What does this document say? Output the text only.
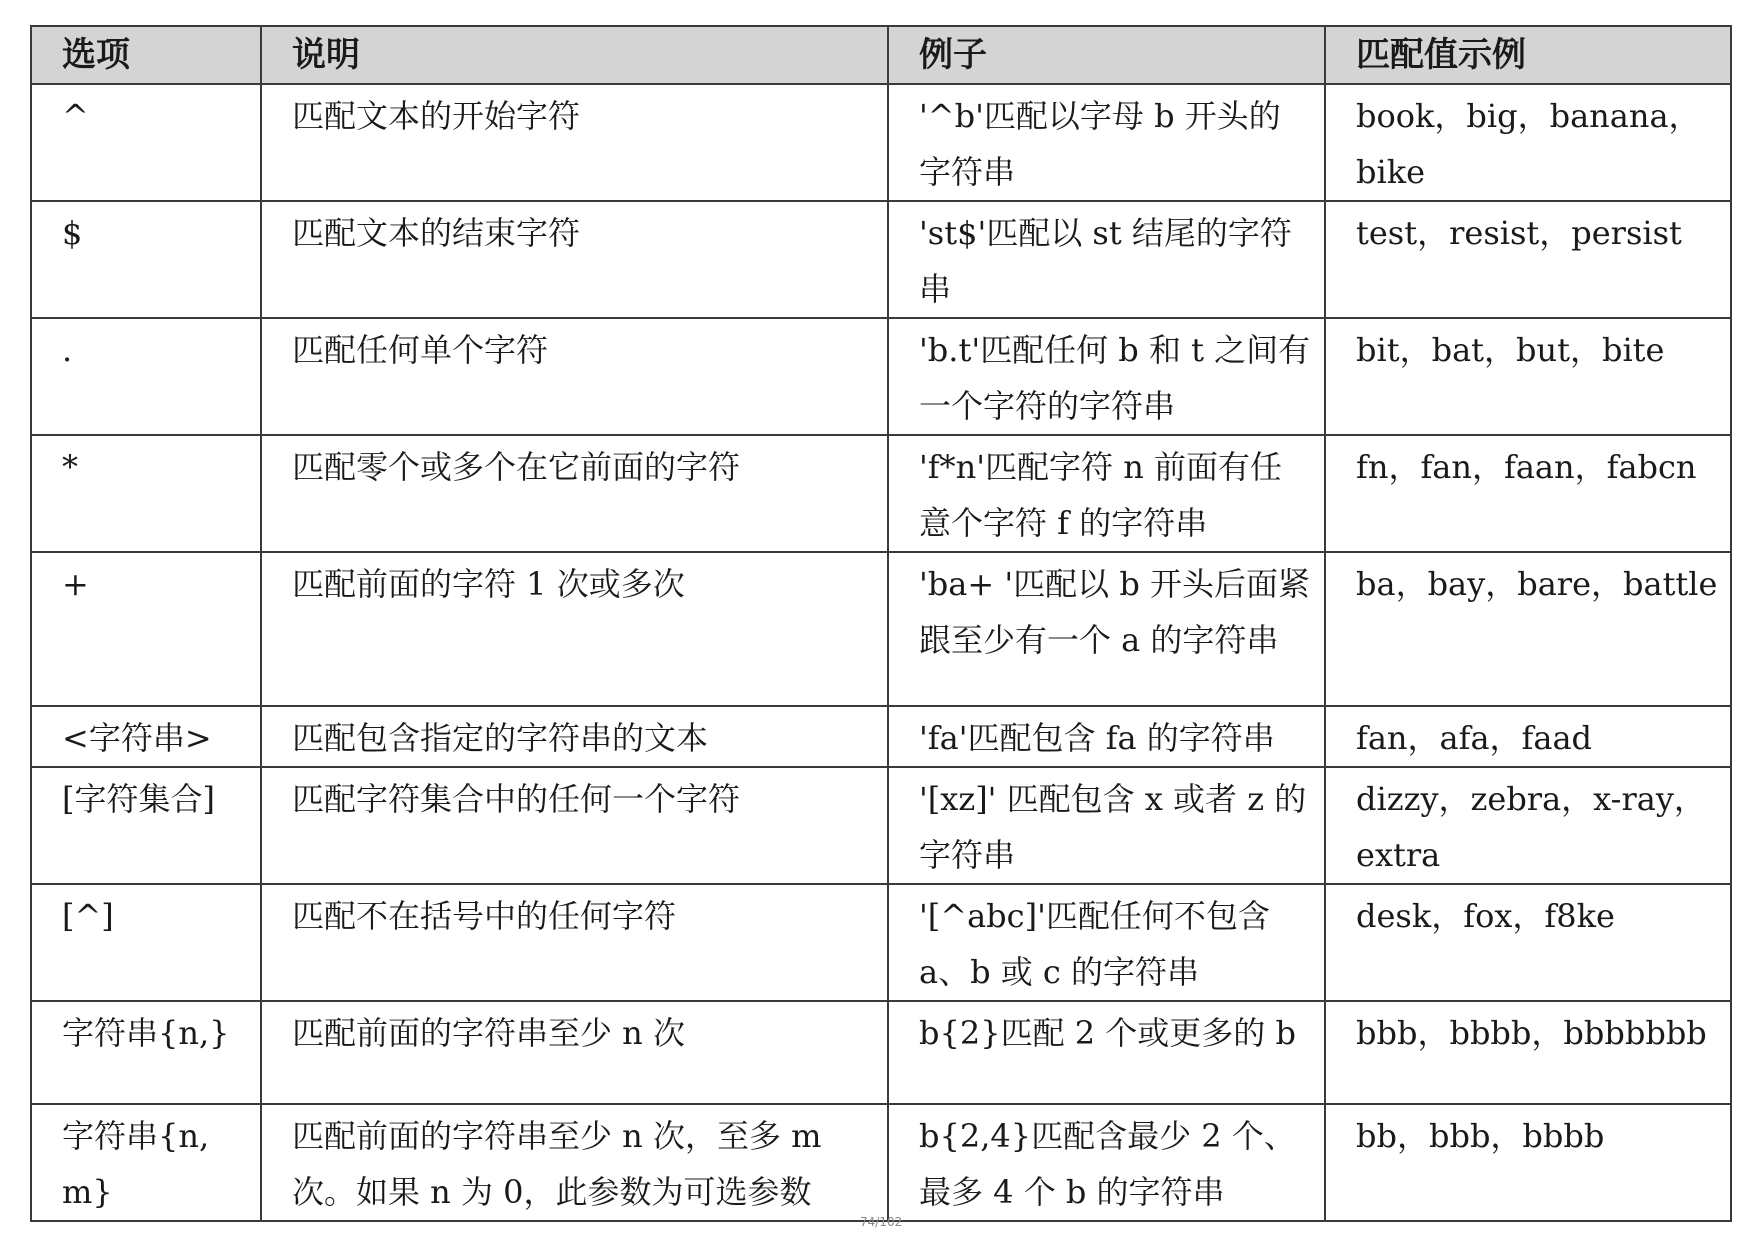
选项	说明	例子	匹配值示例
^	匹配文本的开始字符	'^b'匹配以字母 b 开头的字符串	book，big，banana，bike
$	匹配文本的结束字符	'st$'匹配以 st 结尾的字符串	test，resist，persist
.	匹配任何单个字符	'b.t'匹配任何 b 和 t 之间有一个字符的字符串	bit，bat，but，bite
*	匹配零个或多个在它前面的字符	'f*n'匹配字符 n 前面有任意个字符 f 的字符串	fn，fan，faan，fabcn
+	匹配前面的字符 1 次或多次	'ba+ '匹配以 b 开头后面紧跟至少有一个 a 的字符串	ba，bay，bare，battle
<字符串>	匹配包含指定的字符串的文本	'fa'匹配包含 fa 的字符串	fan，afa，faad
[字符集合]	匹配字符集合中的任何一个字符	'[xz]' 匹配包含 x 或者 z 的字符串	dizzy，zebra，x-ray，extra
[^]	匹配不在括号中的任何字符	'[^abc]'匹配任何不包含 a、b 或 c 的字符串	desk，fox，f8ke
字符串{n,}	匹配前面的字符串至少 n 次	b{2}匹配 2 个或更多的 b	bbb，bbbb，bbbbbbb
字符串{n,m}	匹配前面的字符串至少 n 次，至多 m 次。如果 n 为 0，此参数为可选参数	b{2,4}匹配含最少 2 个、最多 4 个 b 的字符串	bb，bbb，bbbb
74/102
